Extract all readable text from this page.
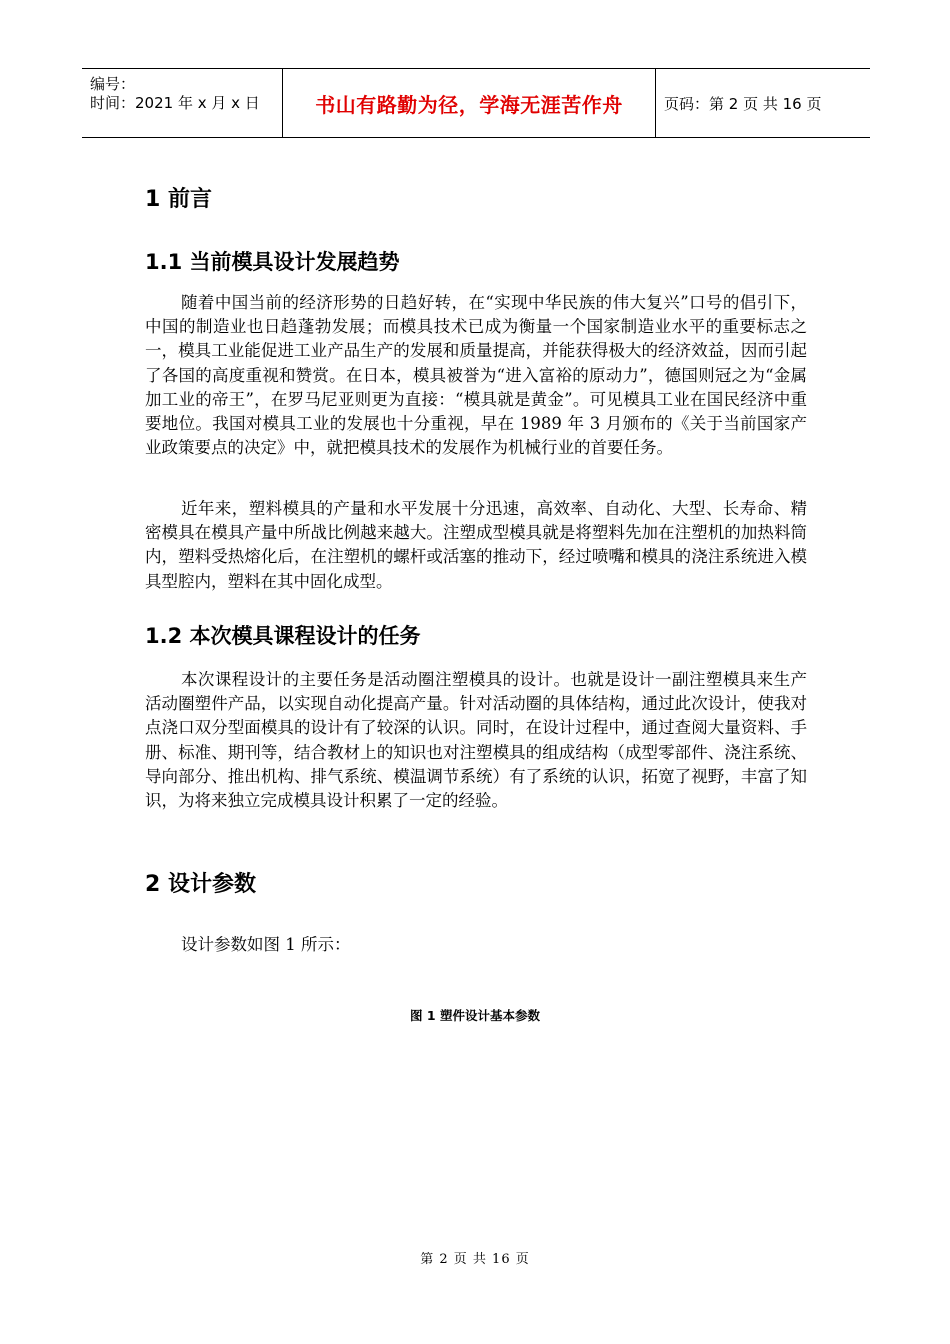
编号：
时间：2021 年 x 月 x 日	书山有路勤为径，学海无涯苦作舟	页码：第 2 页 共 16 页
1 前言
1.1 当前模具设计发展趋势

随着中国当前的经济形势的日趋好转，在“实现中华民族的伟大复兴”口号的倡引下，中国的制造业也日趋蓬勃发展；而模具技术已成为衡量一个国家制造业水平的重要标志之一，模具工业能促进工业产品生产的发展和质量提高，并能获得极大的经济效益，因而引起了各国的高度重视和赞赏。在日本，模具被誉为“进入富裕的原动力”，德国则冠之为“金属加工业的帝王”，在罗马尼亚则更为直接：“模具就是黄金”。可见模具工业在国民经济中重要地位。我国对模具工业的发展也十分重视，早在 1989 年 3 月颁布的《关于当前国家产业政策要点的决定》中，就把模具技术的发展作为机械行业的首要任务。

近年来，塑料模具的产量和水平发展十分迅速，高效率、自动化、大型、长寿命、精密模具在模具产量中所战比例越来越大。注塑成型模具就是将塑料先加在注塑机的加热料筒内，塑料受热熔化后，在注塑机的螺杆或活塞的推动下，经过喷嘴和模具的浇注系统进入模具型腔内，塑料在其中固化成型。

1.2 本次模具课程设计的任务

本次课程设计的主要任务是活动圈注塑模具的设计。也就是设计一副注塑模具来生产活动圈塑件产品，以实现自动化提高产量。针对活动圈的具体结构，通过此次设计，使我对点浇口双分型面模具的设计有了较深的认识。同时，在设计过程中，通过查阅大量资料、手册、标准、期刊等，结合教材上的知识也对注塑模具的组成结构（成型零部件、浇注系统、导向部分、推出机构、排气系统、模温调节系统）有了系统的认识，拓宽了视野，丰富了知识，为将来独立完成模具设计积累了一定的经验。

2 设计参数

设计参数如图 1 所示：

图 1 塑件设计基本参数
第 2 页 共 16 页
